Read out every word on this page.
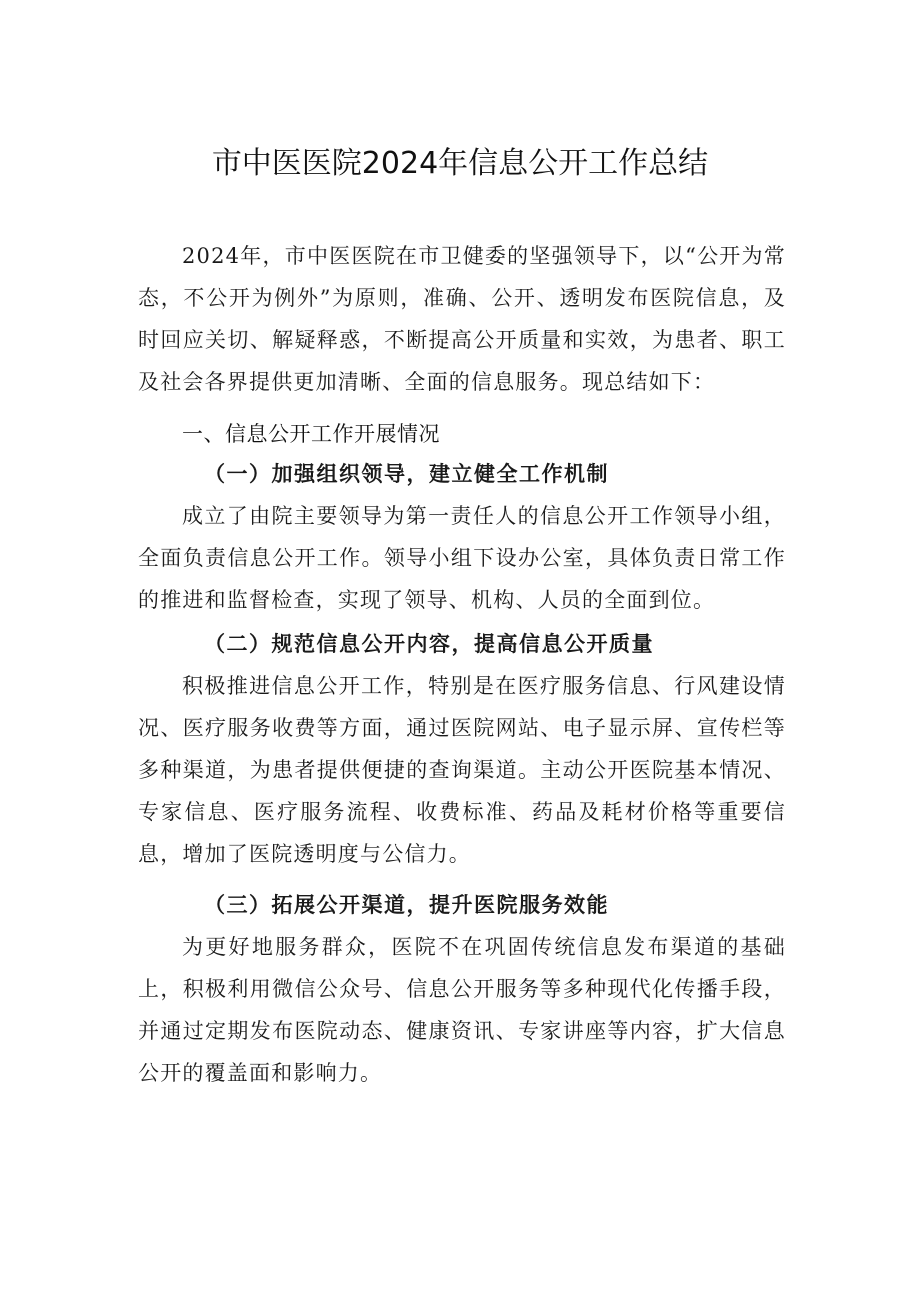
市中医医院2024年信息公开工作总结

2024年，市中医医院在市卫健委的坚强领导下，以“公开为常态，不公开为例外”为原则，准确、公开、透明发布医院信息，及时回应关切、解疑释惑，不断提高公开质量和实效，为患者、职工及社会各界提供更加清晰、全面的信息服务。现总结如下：

一、信息公开工作开展情况
（一）加强组织领导，建立健全工作机制

成立了由院主要领导为第一责任人的信息公开工作领导小组，全面负责信息公开工作。领导小组下设办公室，具体负责日常工作的推进和监督检查，实现了领导、机构、人员的全面到位。

（二）规范信息公开内容，提高信息公开质量

积极推进信息公开工作，特别是在医疗服务信息、行风建设情况、医疗服务收费等方面，通过医院网站、电子显示屏、宣传栏等多种渠道，为患者提供便捷的查询渠道。主动公开医院基本情况、专家信息、医疗服务流程、收费标准、药品及耗材价格等重要信息，增加了医院透明度与公信力。

（三）拓展公开渠道，提升医院服务效能

为更好地服务群众，医院不在巩固传统信息发布渠道的基础上，积极利用微信公众号、信息公开服务等多种现代化传播手段，并通过定期发布医院动态、健康资讯、专家讲座等内容，扩大信息公开的覆盖面和影响力。
